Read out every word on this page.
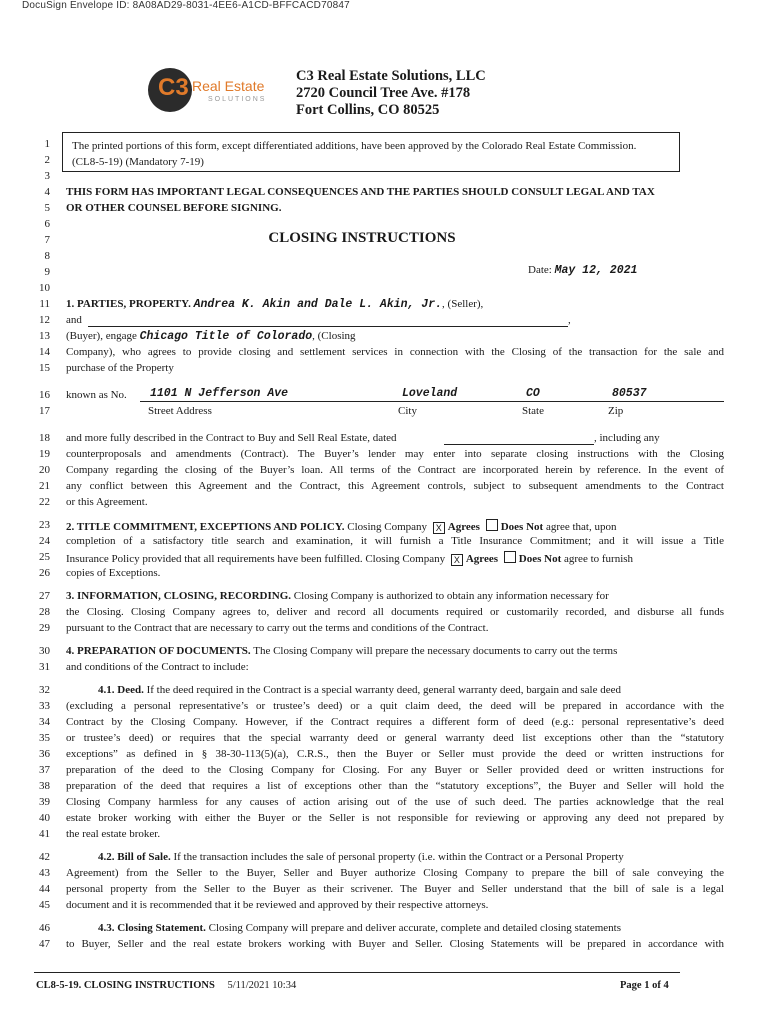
DocuSign Envelope ID: 8A08AD29-8031-4EE6-A1CD-BFFCACD70847
C3 Real Estate
SOLUTIONS
C3 Real Estate Solutions, LLC
2720 Council Tree Ave. #178
Fort Collins, CO 80525
The printed portions of this form, except differentiated additions, have been approved by the Colorado Real Estate Commission.
(CL8-5-19) (Mandatory 7-19)
1
2
3
4
5
6
7
8
9
10
11
12
13
14
15
16
17
18
19
20
21
22
23
24
25
26
27
28
29
30
31
32
33
34
35
36
37
38
39
40
41
42
43
44
45
46
47
THIS FORM HAS IMPORTANT LEGAL CONSEQUENCES AND THE PARTIES SHOULD CONSULT LEGAL AND TAX
OR OTHER COUNSEL BEFORE SIGNING.
CLOSING INSTRUCTIONS
Date: May 12, 2021
1. PARTIES, PROPERTY. Andrea K. Akin and Dale L. Akin, Jr., (Seller),
and	,
(Buyer), engage Chicago Title of Colorado, (Closing
Company), who agrees to provide closing and settlement services in connection with the Closing of the transaction for the sale and
purchase of the Property
known as No. 1101 N Jefferson Ave	Loveland	CO	80537
Street Address	City	State	Zip
and more fully described in the Contract to Buy and Sell Real Estate, dated	, including any
counterproposals and amendments (Contract). The Buyer’s lender may enter into separate closing instructions with the Closing
Company regarding the closing of the Buyer’s loan. All terms of the Contract are incorporated herein by reference. In the event of
any conflict between this Agreement and the Contract, this Agreement controls, subject to subsequent amendments to the Contract
or this Agreement.
2. TITLE COMMITMENT, EXCEPTIONS AND POLICY. Closing Company X Agrees Does Not agree that, upon
completion of a satisfactory title search and examination, it will furnish a Title Insurance Commitment; and it will issue a Title
Insurance Policy provided that all requirements have been fulfilled. Closing Company X Agrees Does Not agree to furnish
copies of Exceptions.
3. INFORMATION, CLOSING, RECORDING. Closing Company is authorized to obtain any information necessary for
the Closing. Closing Company agrees to, deliver and record all documents required or customarily recorded, and disburse all funds
pursuant to the Contract that are necessary to carry out the terms and conditions of the Contract.
4. PREPARATION OF DOCUMENTS. The Closing Company will prepare the necessary documents to carry out the terms
and conditions of the Contract to include:
4.1. Deed. If the deed required in the Contract is a special warranty deed, general warranty deed, bargain and sale deed
(excluding a personal representative’s or trustee’s deed) or a quit claim deed, the deed will be prepared in accordance with the
Contract by the Closing Company. However, if the Contract requires a different form of deed (e.g.: personal representative’s deed
or trustee’s deed) or requires that the special warranty deed or general warranty deed list exceptions other than the “statutory
exceptions” as defined in § 38-30-113(5)(a), C.R.S., then the Buyer or Seller must provide the deed or written instructions for
preparation of the deed to the Closing Company for Closing. For any Buyer or Seller provided deed or written instructions for
preparation of the deed that requires a list of exceptions other than the “statutory exceptions”, the Buyer and Seller will hold the
Closing Company harmless for any causes of action arising out of the use of such deed. The parties acknowledge that the real
estate broker working with either the Buyer or the Seller is not responsible for reviewing or approving any deed not prepared by
the real estate broker.
4.2. Bill of Sale. If the transaction includes the sale of personal property (i.e. within the Contract or a Personal Property
Agreement) from the Seller to the Buyer, Seller and Buyer authorize Closing Company to prepare the bill of sale conveying the
personal property from the Seller to the Buyer as their scrivener. The Buyer and Seller understand that the bill of sale is a legal
document and it is recommended that it be reviewed and approved by their respective attorneys.
4.3. Closing Statement. Closing Company will prepare and deliver accurate, complete and detailed closing statements
to Buyer, Seller and the real estate brokers working with Buyer and Seller. Closing Statements will be prepared in accordance with
CL8-5-19. CLOSING INSTRUCTIONS 5/11/2021 10:34	Page 1 of 4
